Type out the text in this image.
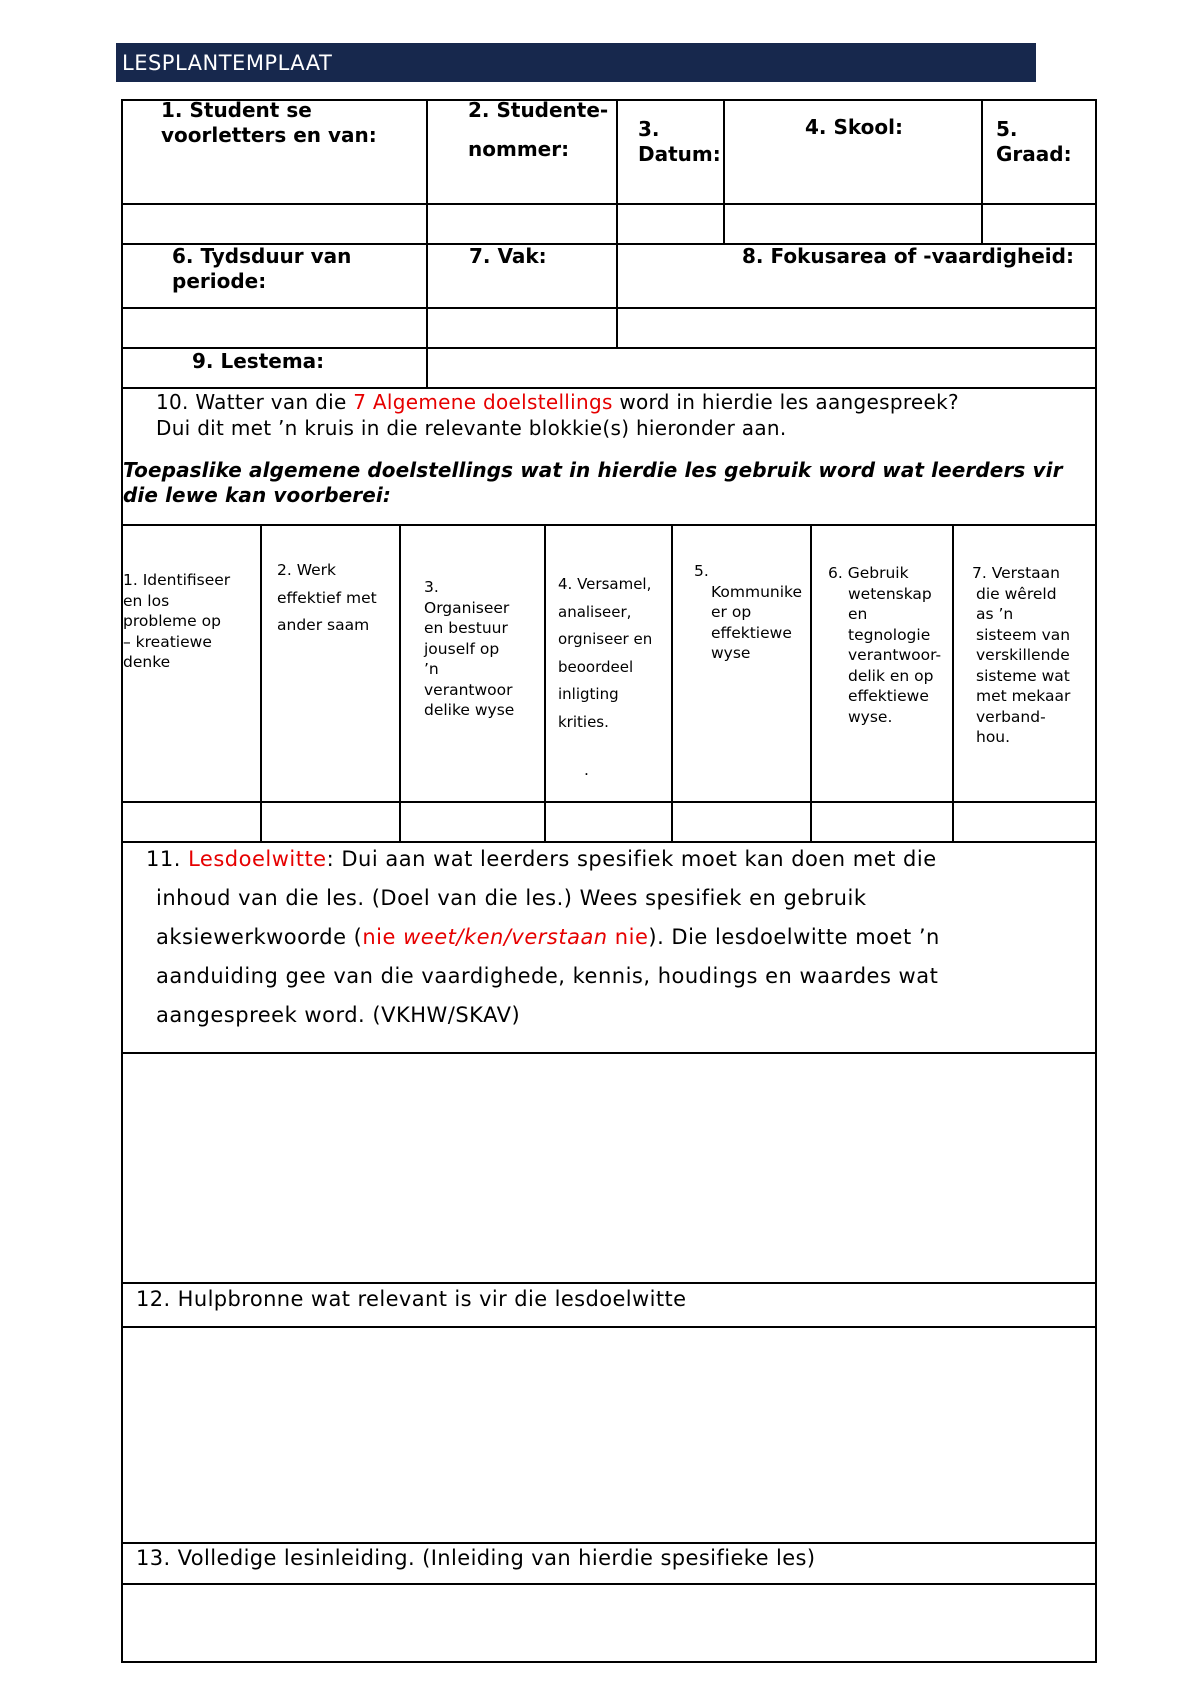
LESPLANTEMPLAAT
1. Student se
voorletters en van:
2. Studente-
nommer:
3.
Datum:
4. Skool:	5.
Graad:
6. Tydsduur van
periode:
7. Vak:	8. Fokusarea of -vaardigheid:
9. Lestema:
10. Watter van die 7 Algemene doelstellings word in hierdie les aangespreek?
Dui dit met ’n kruis in die relevante blokkie(s) hieronder aan.
Toepaslike algemene doelstellings wat in hierdie les gebruik word wat leerders vir
die lewe kan voorberei:
1. Identifiseer
en los
probleme op
– kreatiewe
denke
2. Werk
effektief met
ander saam
3.
Organiseer
en bestuur
jouself op
’n
verantwoor
delike wyse
4. Versamel,
analiseer,
orgniseer en
beoordeel
inligting
krities.
.
5.
Kommunike
er op
effektiewe
wyse
6. Gebruik
wetenskap
en
tegnologie
verantwoor-
delik en op
effektiewe
wyse.
7. Verstaan
die wêreld
as ’n
sisteem van
verskillende
sisteme wat
met mekaar
verband-
hou.
11. Lesdoelwitte: Dui aan wat leerders spesifiek moet kan doen met die
inhoud van die les. (Doel van die les.) Wees spesifiek en gebruik
aksiewerkwoorde (nie weet/ken/verstaan nie). Die lesdoelwitte moet ’n
aanduiding gee van die vaardighede, kennis, houdings en waardes wat
aangespreek word. (VKHW/SKAV)
12. Hulpbronne wat relevant is vir die lesdoelwitte
13. Volledige lesinleiding. (Inleiding van hierdie spesifieke les)
